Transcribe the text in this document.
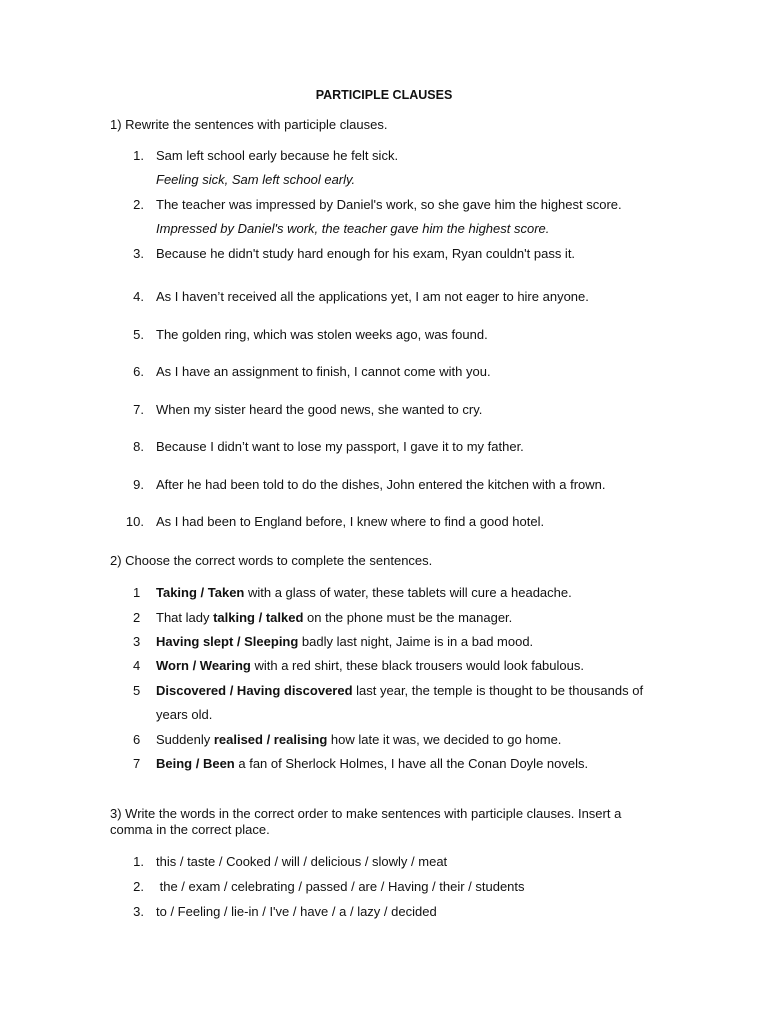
PARTICIPLE CLAUSES
1) Rewrite the sentences with participle clauses.
1. Sam left school early because he felt sick.
Feeling sick, Sam left school early.
2. The teacher was impressed by Daniel's work, so she gave him the highest score.
Impressed by Daniel's work, the teacher gave him the highest score.
3. Because he didn't study hard enough for his exam, Ryan couldn't pass it.
4. As I haven’t received all the applications yet, I am not eager to hire anyone.
5. The golden ring, which was stolen weeks ago, was found.
6. As I have an assignment to finish, I cannot come with you.
7. When my sister heard the good news, she wanted to cry.
8. Because I didn’t want to lose my passport, I gave it to my father.
9. After he had been told to do the dishes, John entered the kitchen with a frown.
10. As I had been to England before, I knew where to find a good hotel.
2) Choose the correct words to complete the sentences.
1	Taking / Taken with a glass of water, these tablets will cure a headache.
2	That lady talking / talked on the phone must be the manager.
3	Having slept / Sleeping badly last night, Jaime is in a bad mood.
4	Worn / Wearing with a red shirt, these black trousers would look fabulous.
5	Discovered / Having discovered last year, the temple is thought to be thousands of years old.
6	Suddenly realised / realising how late it was, we decided to go home.
7	Being / Been a fan of Sherlock Holmes, I have all the Conan Doyle novels.
3) Write the words in the correct order to make sentences with participle clauses. Insert a comma in the correct place.
1. this / taste / Cooked / will / delicious / slowly / meat
2. the / exam / celebrating / passed / are / Having / their / students
3. to / Feeling / lie-in / I've / have / a / lazy / decided
